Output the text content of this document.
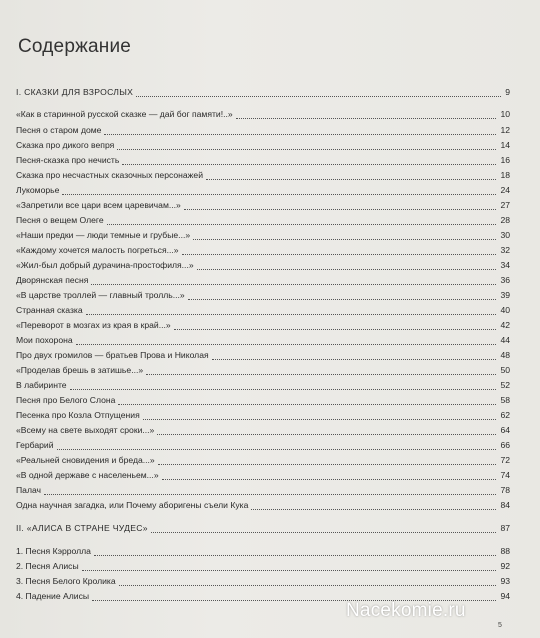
Содержание
I. СКАЗКИ ДЛЯ ВЗРОСЛЫХ	9
«Как в старинной русской сказке — дай бог памяти!..»	10
Песня о старом доме	12
Сказка про дикого вепря	14
Песня-сказка про нечисть	16
Сказка про несчастных сказочных персонажей	18
Лукоморье	24
«Запретили все цари всем царевичам...»	27
Песня о вещем Олеге	28
«Наши предки — люди темные и грубые...»	30
«Каждому хочется малость погреться...»	32
«Жил-был добрый дурачина-простофиля...»	34
Дворянская песня	36
«В царстве троллей — главный тролль...»	39
Странная сказка	40
«Переворот в мозгах из края в край...»	42
Мои похорона	44
Про двух громилов — братьев Прова и Николая	48
«Проделав брешь в затишье...»	50
В лабиринте	52
Песня про Белого Слона	58
Песенка про Козла Отпущения	62
«Всему на свете выходят сроки...»	64
Гербарий	66
«Реальней сновидения и бреда...»	72
«В одной державе с населеньем...»	74
Палач	78
Одна научная загадка, или Почему аборигены съели Кука	84
II. «АЛИСА В СТРАНЕ ЧУДЕС»	87
1. Песня Кэрролла	88
2. Песня Алисы	92
3. Песня Белого Кролика	93
4. Падение Алисы	94
5
Nacekomie.ru
